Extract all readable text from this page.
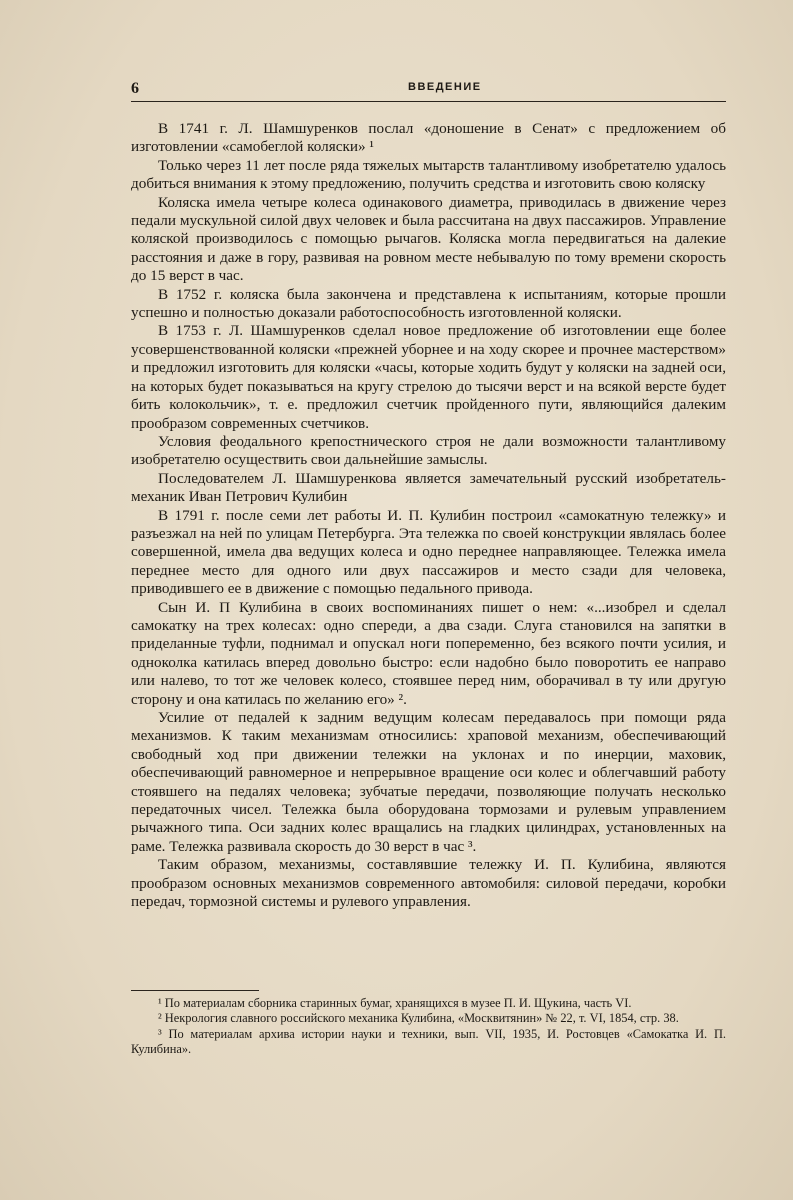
6	ВВЕДЕНИЕ

В 1741 г. Л. Шамшуренков послал «доношение в Сенат» с предложением об изготовлении «самобеглой коляски» ¹

Только через 11 лет после ряда тяжелых мытарств талантливому изобретателю удалось добиться внимания к этому предложению, получить средства и изготовить свою коляску

Коляска имела четыре колеса одинакового диаметра, приводилась в движение через педали мускульной силой двух человек и была рассчитана на двух пассажиров. Управление коляской производилось с помощью рычагов. Коляска могла передвигаться на далекие расстояния и даже в гору, развивая на ровном месте небывалую по тому времени скорость до 15 верст в час.

В 1752 г. коляска была закончена и представлена к испытаниям, которые прошли успешно и полностью доказали работоспособность изготовленной коляски.

В 1753 г. Л. Шамшуренков сделал новое предложение об изготовлении еще более усовершенствованной коляски «прежней уборнее и на ходу скорее и прочнее мастерством» и предложил изготовить для коляски «часы, которые ходить будут у коляски на задней оси, на которых будет показываться на кругу стрелою до тысячи верст и на всякой версте будет бить колокольчик», т. е. предложил счетчик пройденного пути, являющийся далеким прообразом современных счетчиков.

Условия феодального крепостнического строя не дали возможности талантливому изобретателю осуществить свои дальнейшие замыслы.

Последователем Л. Шамшуренкова является замечательный русский изобретатель-механик Иван Петрович Кулибин

В 1791 г. после семи лет работы И. П. Кулибин построил «самокатную тележку» и разъезжал на ней по улицам Петербурга. Эта тележка по своей конструкции являлась более совершенной, имела два ведущих колеса и одно переднее направляющее. Тележка имела переднее место для одного или двух пассажиров и место сзади для человека, приводившего ее в движение с помощью педального привода.

Сын И. П Кулибина в своих воспоминаниях пишет о нем: «...изобрел и сделал самокатку на трех колесах: одно спереди, а два сзади. Слуга становился на запятки в приделанные туфли, поднимал и опускал ноги попеременно, без всякого почти усилия, и одноколка катилась вперед довольно быстро: если надобно было поворотить ее направо или налево, то тот же человек колесо, стоявшее перед ним, оборачивал в ту или другую сторону и она катилась по желанию его» ².

Усилие от педалей к задним ведущим колесам передавалось при помощи ряда механизмов. К таким механизмам относились: храповой механизм, обеспечивающий свободный ход при движении тележки на уклонах и по инерции, маховик, обеспечивающий равномерное и непрерывное вращение оси колес и облегчавший работу стоявшего на педалях человека; зубчатые передачи, позволяющие получать несколько передаточных чисел. Тележка была оборудована тормозами и рулевым управлением рычажного типа. Оси задних колес вращались на гладких цилиндрах, установленных на раме. Тележка развивала скорость до 30 верст в час ³.

Таким образом, механизмы, составлявшие тележку И. П. Кулибина, являются прообразом основных механизмов современного автомобиля: силовой передачи, коробки передач, тормозной системы и рулевого управления.

¹ По материалам сборника старинных бумаг, хранящихся в музее П. И. Щукина, часть VI.

² Некрология славного российского механика Кулибина, «Москвитянин» № 22, т. VI, 1854, стр. 38.

³ По материалам архива истории науки и техники, вып. VII, 1935, И. Ростовцев «Самокатка И. П. Кулибина».
